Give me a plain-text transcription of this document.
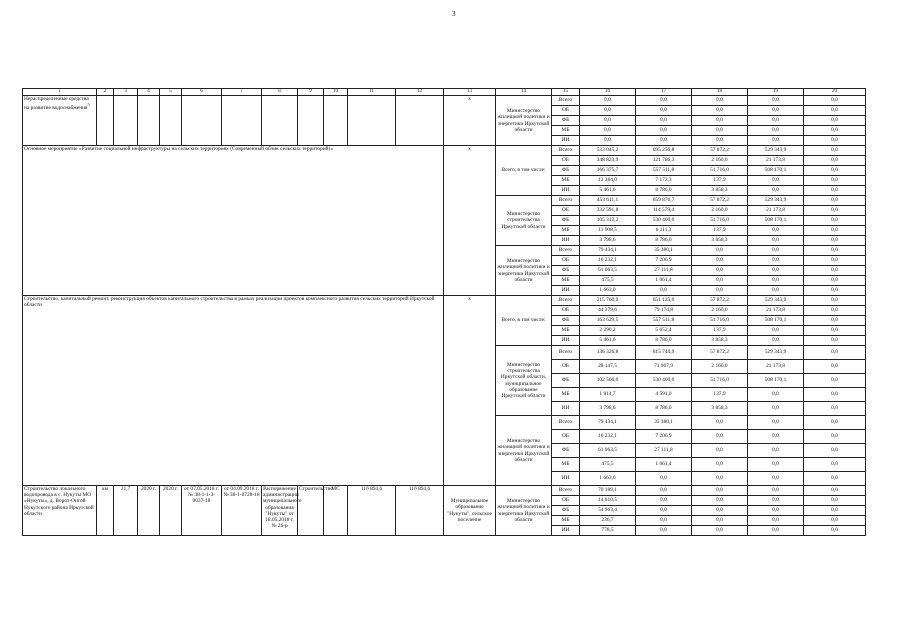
3
1	2	3	4	5	6	7	8	9	10	11	12	13	14	15	16	17	18	19	20
Нераспределенные средства на развитие водоснабжения$^5$												х	Министерство жилищной политики и энергетики Иркутской области	Всего	0,0	0,0	0,0	0,0	0,0
														ОБ	0,0	0,0	0,0	0,0	0,0
														ФБ	0,0	0,0	0,0	0,0	0,0
														МБ	0,0	0,0	0,0	0,0	0,0
														ИИ	0,0	0,0	0,0	0,0	0,0
Основное мероприятие «Развитие социальной инфраструктуры на сельских территориях (Современный облик сельских территорий)»												х	Всего, в том числе:	Всего	533 045,2	695 256,8	57 872,2	529 343,9	0,0
														ОБ	348 823,9	121 786,3	2 160,0	21 173,8	0,0
														ФБ	166 375,7	557 511,8	51 716,0	508 170,1	0,0
														МБ	12 384,0	7 172,3	137,9	0,0	0,0
														ИИ	5 461,6	8 786,0	3 858,3	0,0	0,0
													Министерство строительства Иркутской области	Всего	453 611,1	659 876,7	57 872,2	529 343,9	0,0
														ОЕ	332 591,8	114 579,4	2 160,0	21 173,8	0,0
														ФБ	105 312,2	530 400,0	51 716,0	508 170,1	0,0
														МБ	11 908,5	6 111,3	137,9	0,0	0,0
														ИИ	3 798,6	8 786,0	3 858,3	0,0	0,0
													Министерство жилищной политики и энергетики Иркутской области	Всего	79 434,1	35 380,1	0,0	0,0	0,0
														ОБ	16 232,1	7 206,9	0,0	0,0	0,0
														ФБ	61 063,5	27 111,8	0,0	0,0	0,0
														МБ	475,5	1 061,4	0,0	0,0	0,0
														ИИ	1 663,0	0,0	0,0	0,0	0,0
Строительство, капитальный ремонт, реконструкция объектов капитального строительства в рамках реализации проектов комплексного развития сельских территорий Иркутской области												х	Всего, в том числе:	Всего	215 760,9	651 125,0	57 872,2	529 343,9	0,0
														ОБ	44 379,6	79 174,8	2 160,0	21 173,8	0,0
														ФБ	163 629,5	557 511,8	51 716,0	508 170,1	0,0
														МБ	2 290,2	5 652,4	137,9	0,0	0,0
														ИИ	5 461,6	8 786,0	3 858,3	0,0	0,0
													Министерство строительства Иркутской области, муниципальное образование Иркутской области	Всего	136 326,8	615 744,9	57 872,2	529 343,9	0,0
														ОБ	28 147,5	71 967,9	2 160,0	21 173,8	0,0
														ФБ	102 566,0	530 400,0	51 716,0	508 170,1	0,0
														МБ	1 814,7	4 591,0	137,9	0,0	0,0
														ИИ	3 798,6	8 786,0	3 858,3	0,0	0,0
													Министерство жилищной политики и энергетики Иркутской области	Всего	79 434,1	35 380,1	0,0	0,0	0,0
														ОБ	16 232,1	7 206,9	0,0	0,0	0,0
														ФБ	61 063,5	27 111,8	0,0	0,0	0,0
														МБ	475,5	1 061,4	0,0	0,0	0,0
														ИИ	1 663,0	0,0	0,0	0,0	0,0
Строительство локального водопровода в с. Нукуты МО «Нукуты», д. Ворот-Онгой Нукутского района Иркутской области	км	31,7	2020 г.	2020 г.	от 07.05.2018 г. № 38-1-1-3-0037-18	от 04.09.2018 г. № 38-1-0728-18	Распоряжение администрации муниципального образования "Нукуты" от 18.05.2018 г. № 26-р	Строительство	МС	116 894,6	116 894,6	Муниципальное образование "Нукуты", сельское поселение	Министерство жилищной политики и энергетики Иркутской области	Всего	70 189,1	0,0	0,0	0,0	0,0
														ОБ	14 610,5	0,0	0,0	0,0	0,0
														ФБ	54 963,4	0,0	0,0	0,0	0,0
														МБ	236,7	0,0	0,0	0,0	0,0
														ИИ	778,5	0,0	0,0	0,0	0,0
